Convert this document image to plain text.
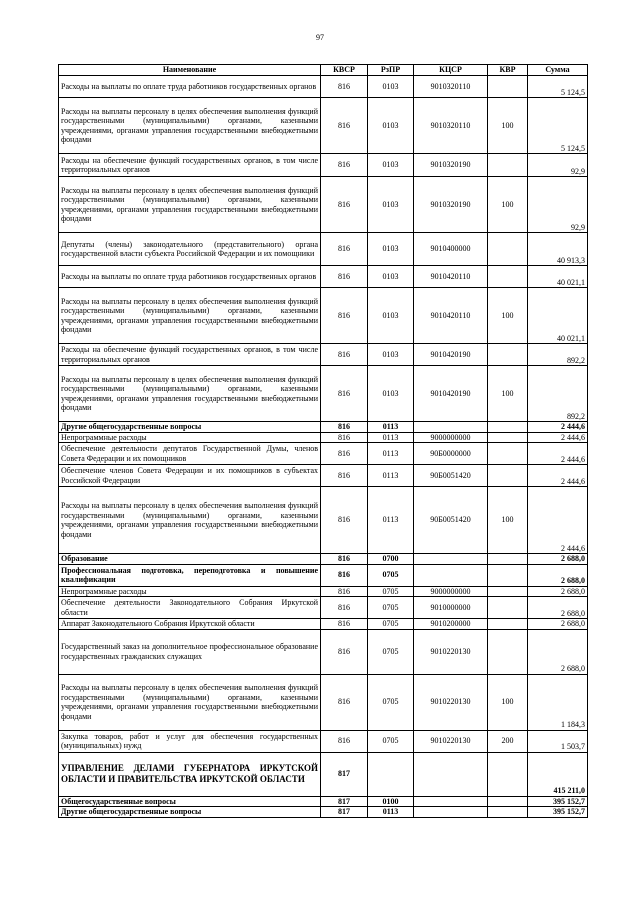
97
Наименование	КВСР	РзПР	КЦСР	КВР	Сумма
Расходы на выплаты по оплате труда работников государственных органов	816	0103	9010320110		5 124,5
Расходы на выплаты персоналу в целях обеспечения выполнения функций государственными (муниципальными) органами, казенными учреждениями, органами управления государственными внебюджетными фондами	816	0103	9010320110	100	5 124,5
Расходы на обеспечение функций государственных органов, в том числе территориальных органов	816	0103	9010320190		92,9
Расходы на выплаты персоналу в целях обеспечения выполнения функций государственными (муниципальными) органами, казенными учреждениями, органами управления государственными внебюджетными фондами	816	0103	9010320190	100	92,9
Депутаты (члены) законодательного (представительного) органа государственной власти субъекта Российской Федерации и их помощники	816	0103	9010400000		40 913,3
Расходы на выплаты по оплате труда работников государственных органов	816	0103	9010420110		40 021,1
Расходы на выплаты персоналу в целях обеспечения выполнения функций государственными (муниципальными) органами, казенными учреждениями, органами управления государственными внебюджетными фондами	816	0103	9010420110	100	40 021,1
Расходы на обеспечение функций государственных органов, в том числе территориальных органов	816	0103	9010420190		892,2
Расходы на выплаты персоналу в целях обеспечения выполнения функций государственными (муниципальными) органами, казенными учреждениями, органами управления государственными внебюджетными фондами	816	0103	9010420190	100	892,2
Другие общегосударственные вопросы	816	0113			2 444,6
Непрограммные расходы	816	0113	9000000000		2 444,6
Обеспечение деятельности депутатов Государственной Думы, членов Совета Федерации и их помощников	816	0113	90Б0000000		2 444,6
Обеспечение членов Совета Федерации и их помощников в субъектах Российской Федерации	816	0113	90Б0051420		2 444,6
Расходы на выплаты персоналу в целях обеспечения выполнения функций государственными (муниципальными) органами, казенными учреждениями, органами управления государственными внебюджетными фондами	816	0113	90Б0051420	100	2 444,6
Образование	816	0700			2 688,0
Профессиональная подготовка, переподготовка и повышение квалификации	816	0705			2 688,0
Непрограммные расходы	816	0705	9000000000		2 688,0
Обеспечение деятельности Законодательного Собрания Иркутской области	816	0705	9010000000		2 688,0
Аппарат Законодательного Собрания Иркутской области	816	0705	9010200000		2 688,0
Государственный заказ на дополнительное профессиональное образование государственных гражданских служащих	816	0705	9010220130		2 688,0
Расходы на выплаты персоналу в целях обеспечения выполнения функций государственными (муниципальными) органами, казенными учреждениями, органами управления государственными внебюджетными фондами	816	0705	9010220130	100	1 184,3
Закупка товаров, работ и услуг для обеспечения государственных (муниципальных) нужд	816	0705	9010220130	200	1 503,7
УПРАВЛЕНИЕ ДЕЛАМИ ГУБЕРНАТОРА ИРКУТСКОЙ ОБЛАСТИ И ПРАВИТЕЛЬСТВА ИРКУТСКОЙ ОБЛАСТИ	817				415 211,0
Общегосударственные вопросы	817	0100			395 152,7
Другие общегосударственные вопросы	817	0113			395 152,7
